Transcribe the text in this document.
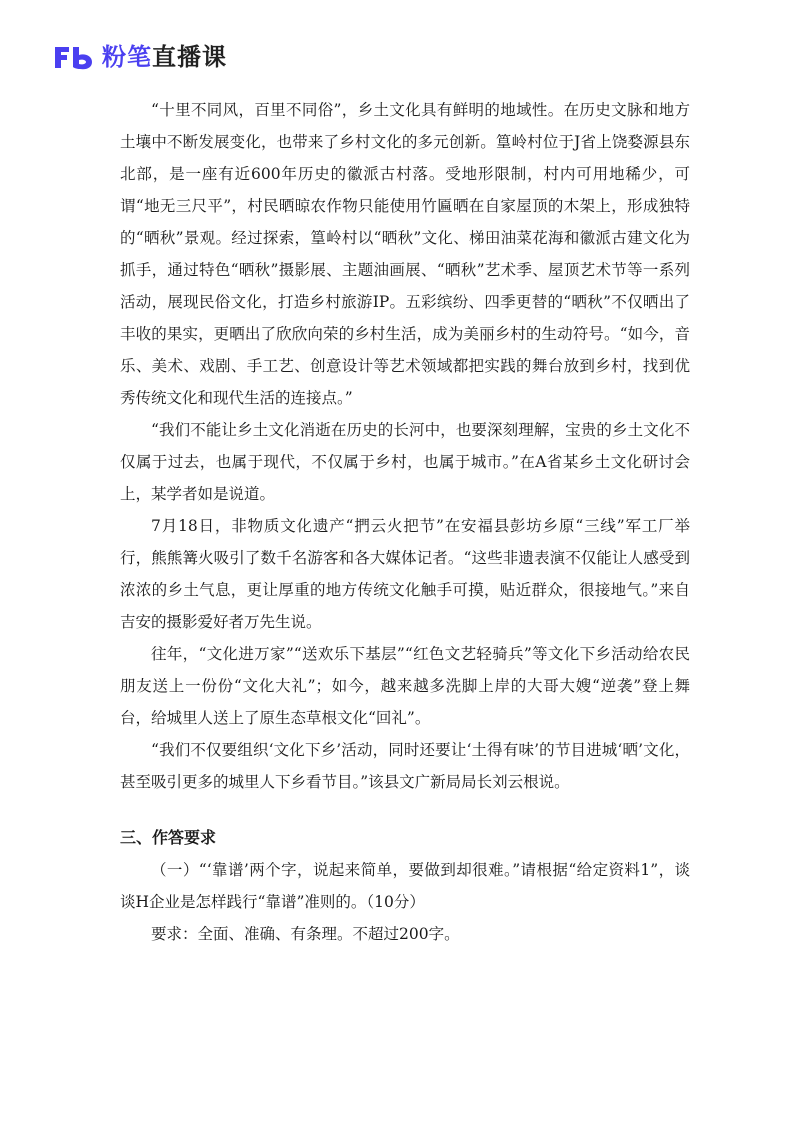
粉笔直播课

“十里不同风，百里不同俗”，乡土文化具有鲜明的地域性。在历史文脉和地方土壤中不断发展变化，也带来了乡村文化的多元创新。篁岭村位于J省上饶婺源县东北部，是一座有近600年历史的徽派古村落。受地形限制，村内可用地稀少，可谓“地无三尺平”，村民晒晾农作物只能使用竹匾晒在自家屋顶的木架上，形成独特的“晒秋”景观。经过探索，篁岭村以“晒秋”文化、梯田油菜花海和徽派古建文化为抓手，通过特色“晒秋”摄影展、主题油画展、“晒秋”艺术季、屋顶艺术节等一系列活动，展现民俗文化，打造乡村旅游IP。五彩缤纷、四季更替的“晒秋”不仅晒出了丰收的果实，更晒出了欣欣向荣的乡村生活，成为美丽乡村的生动符号。“如今，音乐、美术、戏剧、手工艺、创意设计等艺术领域都把实践的舞台放到乡村，找到优秀传统文化和现代生活的连接点。”

“我们不能让乡土文化消逝在历史的长河中，也要深刻理解，宝贵的乡土文化不仅属于过去，也属于现代，不仅属于乡村，也属于城市。”在A省某乡土文化研讨会上，某学者如是说道。

7月18日，非物质文化遗产“捫云火把节”在安福县彭坊乡原“三线”军工厂举行，熊熊篝火吸引了数千名游客和各大媒体记者。“这些非遗表演不仅能让人感受到浓浓的乡土气息，更让厚重的地方传统文化触手可摸，贴近群众，很接地气。”来自吉安的摄影爱好者万先生说。

往年，“文化进万家”“送欢乐下基层”“红色文艺轻骑兵”等文化下乡活动给农民朋友送上一份份“文化大礼”；如今，越来越多洗脚上岸的大哥大嫂“逆袭”登上舞台，给城里人送上了原生态草根文化“回礼”。

“我们不仅要组织‘文化下乡’活动，同时还要让‘土得有味’的节目进城‘晒’文化，甚至吸引更多的城里人下乡看节目。”该县文广新局局长刘云根说。

三、作答要求

（一）“‘靠谱’两个字，说起来简单，要做到却很难。”请根据“给定资料1”，谈谈H企业是怎样践行“靠谱”准则的。（10分）

要求：全面、准确、有条理。不超过200字。
